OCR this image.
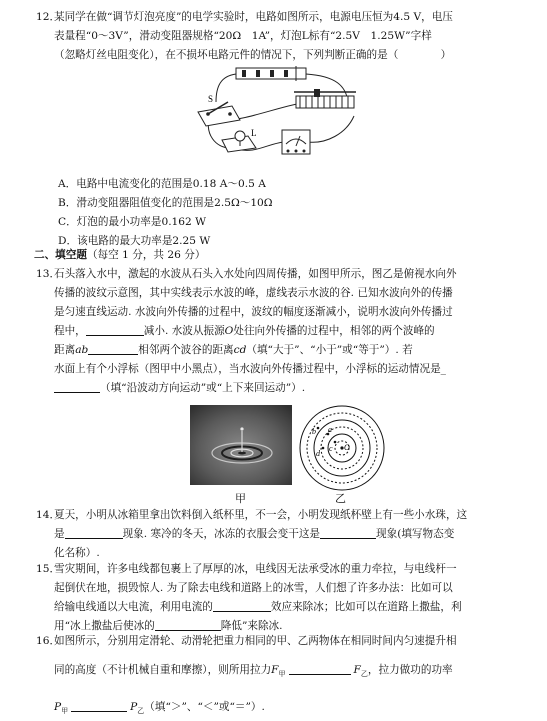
12．
某同学在做“调节灯泡亮度”的电学实验时，电路如图所示，电源电压恒为4.5 V，电压
表量程“0～3V”，滑动变阻器规格“20Ω　1A”，灯泡L标有“2.5V　1.25W”字样
（忽略灯丝电阻变化），在不损坏电路元件的情况下，下列判断正确的是（　　　　）
S
L
A．电路中电流变化的范围是0.18 A～0.5 A
B．滑动变阻器阻值变化的范围是2.5Ω～10Ω
C．灯泡的最小功率是0.162 W
D．该电路的最大功率是2.25 W
二、填空题（每空 1 分，共 26 分）
13．
石头落入水中，激起的水波从石头入水处向四周传播，如图甲所示，图乙是俯视水向外
传播的波纹示意图，其中实线表示水波的峰，虚线表示水波的谷. 已知水波向外的传播
是匀速直线运动. 水波向外传播的过程中，波纹的幅度逐渐减小，说明水波向外传播过
程中，	减小. 水波从振源O处往向外传播的过程中，相邻的两个波峰的
距离ab	相邻两个波谷的距离cd（填“大于”、“小于”或“等于”）. 若
水面上有个小浮标（图甲中小黑点），当水波向外传播过程中，小浮标的运动情况是_
（填“沿波动方向运动”或“上下来回运动”）.
甲
b a
O
c
d
乙
14．
夏天，小明从冰箱里拿出饮料倒入纸杯里，不一会，小明发现纸杯壁上有一些小水珠，这
是	现象. 寒冷的冬天，冰冻的衣服会变干这是	现象(填写物态变
化名称）.
15．
雪灾期间，许多电线都包裹上了厚厚的冰，电线因无法承受冰的重力牵拉，与电线杆一
起倒伏在地，损毁惊人. 为了除去电线和道路上的冰雪，人们想了许多办法：比如可以
给输电线通以大电流，利用电流的	效应来除冰；比如可以在道路上撒盐，利
用“冰上撒盐后使冰的	降低”来除冰.
16．
如图所示，分别用定滑轮、动滑轮把重力相同的甲、乙两物体在相同时间内匀速提升相
同的高度（不计机械自重和摩擦），则所用拉力$F_甲$	$F_乙$，拉力做功的功率
$P_甲$	$P_乙$（填“＞”、“＜”或“＝”）.
